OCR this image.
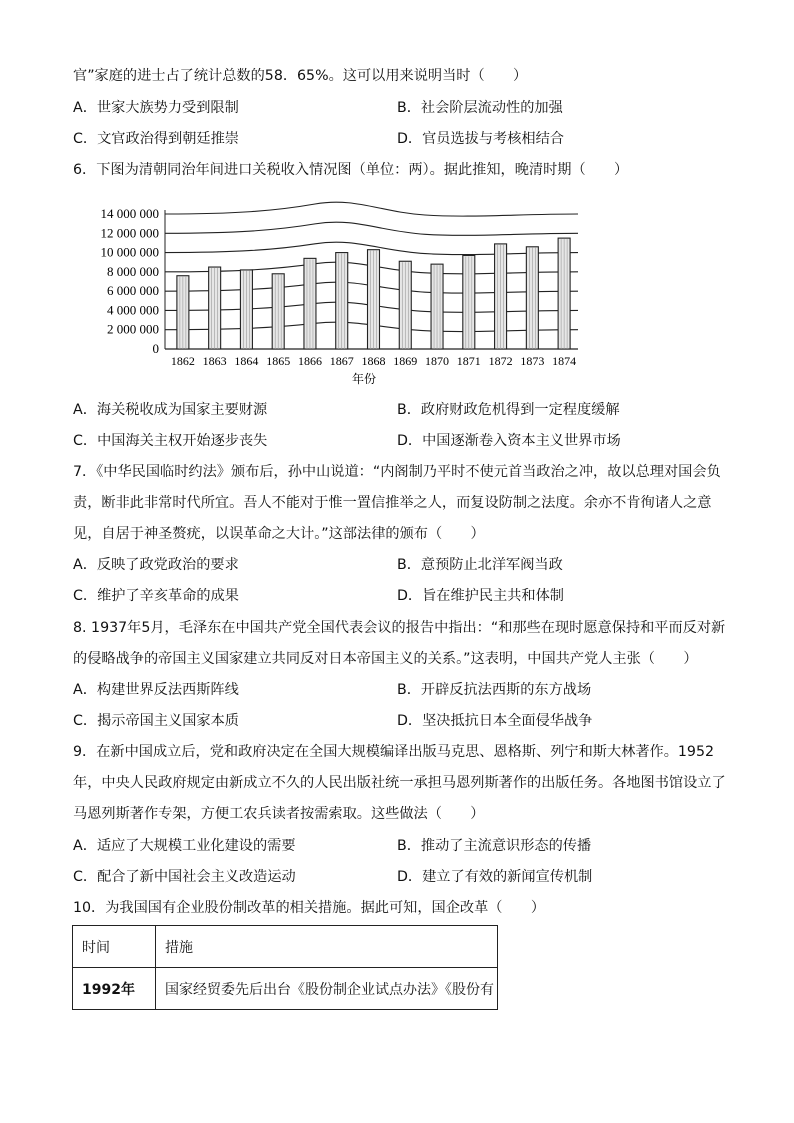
官”家庭的进士占了统计总数的58．65%。这可以用来说明当时（　　）
A．世家大族势力受到限制	B．社会阶层流动性的加强
C．文官政治得到朝廷推崇	D．官员选拔与考核相结合
6．下图为清朝同治年间进口关税收入情况图（单位：两）。据此推知，晚清时期（　　）
14 000 000
12 000 000
10 000 000
8 000 000
6 000 000
4 000 000
2 000 000
0
1862 1863 1864 1865 1866 1867 1868 1869 1870 1871 1872 1873 1874
年份
A．海关税收成为国家主要财源	B．政府财政危机得到一定程度缓解
C．中国海关主权开始逐步丧失	D．中国逐渐卷入资本主义世界市场
7．《中华民国临时约法》颁布后，孙中山说道：“内阁制乃平时不使元首当政治之冲，故以总理对国会负
责，断非此非常时代所宜。吾人不能对于惟一置信推举之人，而复设防制之法度。余亦不肯徇诸人之意
见，自居于神圣赘疣，以误革命之大计。”这部法律的颁布（　　）
A．反映了政党政治的要求	B．意预防止北洋军阀当政
C．维护了辛亥革命的成果	D．旨在维护民主共和体制
8. 1937年5月，毛泽东在中国共产党全国代表会议的报告中指出：“和那些在现时愿意保持和平而反对新
的侵略战争的帝国主义国家建立共同反对日本帝国主义的关系。”这表明，中国共产党人主张（　　）
A．构建世界反法西斯阵线	B．开辟反抗法西斯的东方战场
C．揭示帝国主义国家本质	D．坚决抵抗日本全面侵华战争
9．在新中国成立后，党和政府决定在全国大规模编译出版马克思、恩格斯、列宁和斯大林著作。1952
年，中央人民政府规定由新成立不久的人民出版社统一承担马恩列斯著作的出版任务。各地图书馆设立了
马恩列斯著作专架，方便工农兵读者按需索取。这些做法（　　）
A．适应了大规模工业化建设的需要	B．推动了主流意识形态的传播
C．配合了新中国社会主义改造运动	D．建立了有效的新闻宣传机制
10．为我国国有企业股份制改革的相关措施。据此可知，国企改革（　　）
时间	措施
1992年	国家经贸委先后出台《股份制企业试点办法》《股份有
